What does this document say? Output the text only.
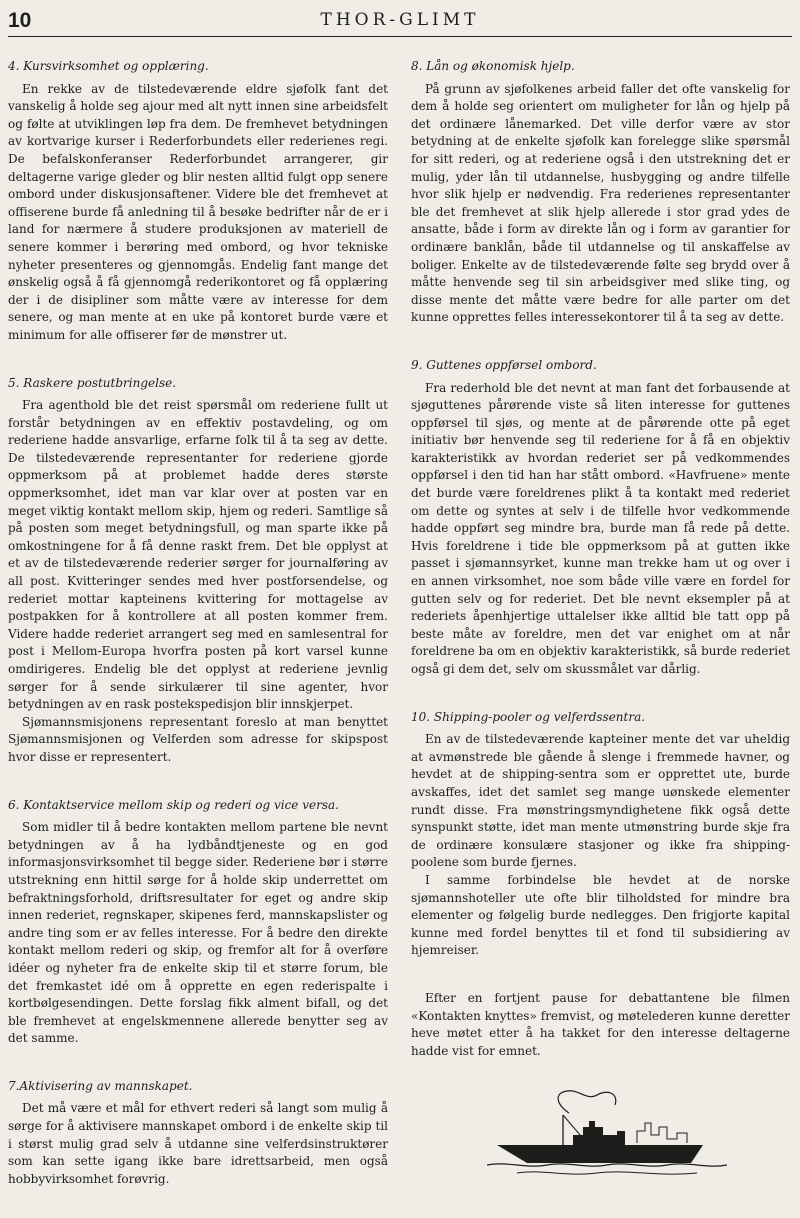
10	THOR-GLIMT
4. Kursvirksomhet og opplæring.

En rekke av de tilstedeværende eldre sjøfolk fant det vanskelig å holde seg ajour med alt nytt innen sine arbeidsfelt og følte at utviklingen løp fra dem. De fremhevet betydningen av kortvarige kurser i Rederforbundets eller rederienes regi. De befalskonferanser Rederforbundet arrangerer, gir deltagerne varige gleder og blir nesten alltid fulgt opp senere ombord under diskusjonsaftener. Videre ble det fremhevet at offiserene burde få anledning til å besøke bedrifter når de er i land for nærmere å studere produksjonen av materiell de senere kommer i berøring med ombord, og hvor tekniske nyheter presenteres og gjennomgås. Endelig fant mange det ønskelig også å få gjennomgå rederikontoret og få opplæring der i de disipliner som måtte være av interesse for dem senere, og man mente at en uke på kontoret burde være et minimum for alle offiserer før de mønstrer ut.

5. Raskere postutbringelse.

Fra agenthold ble det reist spørsmål om rederiene fullt ut forstår betydningen av en effektiv postavdeling, og om rederiene hadde ansvarlige, erfarne folk til å ta seg av dette. De tilstedeværende representanter for rederiene gjorde oppmerksom på at problemet hadde deres største oppmerksomhet, idet man var klar over at posten var en meget viktig kontakt mellom skip, hjem og rederi. Samtlige så på posten som meget betydningsfull, og man sparte ikke på omkostningene for å få denne raskt frem. Det ble opplyst at et av de tilstedeværende rederier sørger for journalføring av all post. Kvitteringer sendes med hver postforsendelse, og rederiet mottar kapteinens kvittering for mottagelse av postpakken for å kontrollere at all posten kommer frem. Videre hadde rederiet arrangert seg med en samlesentral for post i Mellom-Europa hvorfra posten på kort varsel kunne omdirigeres. Endelig ble det opplyst at rederiene jevnlig sørger for å sende sirkulærer til sine agenter, hvor betydningen av en rask postekspedisjon blir innskjerpet.

Sjømannsmisjonens representant foreslo at man benyttet Sjømannsmisjonen og Velferden som adresse for skipspost hvor disse er representert.

6. Kontaktservice mellom skip og rederi og vice versa.

Som midler til å bedre kontakten mellom partene ble nevnt betydningen av å ha lydbåndtjeneste og en god informasjonsvirksomhet til begge sider. Rederiene bør i større utstrekning enn hittil sørge for å holde skip underrettet om befraktningsforhold, driftsresultater for eget og andre skip innen rederiet, regnskaper, skipenes ferd, mannskapslister og andre ting som er av felles interesse. For å bedre den direkte kontakt mellom rederi og skip, og fremfor alt for å overføre idéer og nyheter fra de enkelte skip til et større forum, ble det fremkastet idé om å opprette en egen rederispalte i kortbølgesendingen. Dette forslag fikk alment bifall, og det ble fremhevet at engelskmennene allerede benytter seg av det samme.

7.Aktivisering av mannskapet.

Det må være et mål for ethvert rederi så langt som mulig å sørge for å aktivisere mannskapet ombord i de enkelte skip til i størst mulig grad selv å utdanne sine velferdsinstruktører som kan sette igang ikke bare idrettsarbeid, men også hobbyvirksomhet forøvrig.

8. Lån og økonomisk hjelp.

På grunn av sjøfolkenes arbeid faller det ofte vanskelig for dem å holde seg orientert om muligheter for lån og hjelp på det ordinære lånemarked. Det ville derfor være av stor betydning at de enkelte sjøfolk kan forelegge slike spørsmål for sitt rederi, og at rederiene også i den utstrekning det er mulig, yder lån til utdannelse, husbygging og andre tilfelle hvor slik hjelp er nødvendig. Fra rederienes representanter ble det fremhevet at slik hjelp allerede i stor grad ydes de ansatte, både i form av direkte lån og i form av garantier for ordinære banklån, både til utdannelse og til anskaffelse av boliger. Enkelte av de tilstedeværende følte seg brydd over å måtte henvende seg til sin arbeidsgiver med slike ting, og disse mente det måtte være bedre for alle parter om det kunne opprettes felles interessekontorer til å ta seg av dette.

9. Guttenes oppførsel ombord.

Fra rederhold ble det nevnt at man fant det forbausende at sjøguttenes pårørende viste så liten interesse for guttenes oppførsel til sjøs, og mente at de pårørende otte på eget initiativ bør henvende seg til rederiene for å få en objektiv karakteristikk av hvordan rederiet ser på vedkommendes oppførsel i den tid han har stått ombord. «Havfruene» mente det burde være foreldrenes plikt å ta kontakt med rederiet om dette og syntes at selv i de tilfelle hvor vedkommende hadde oppført seg mindre bra, burde man få rede på dette. Hvis foreldrene i tide ble oppmerksom på at gutten ikke passet i sjømannsyrket, kunne man trekke ham ut og over i en annen virksomhet, noe som både ville være en fordel for gutten selv og for rederiet. Det ble nevnt eksempler på at rederiets åpenhjertige uttalelser ikke alltid ble tatt opp på beste måte av foreldre, men det var enighet om at når foreldrene ba om en objektiv karakteristikk, så burde rederiet også gi dem det, selv om skussmålet var dårlig.

10. Shipping-pooler og velferdssentra.

En av de tilstedeværende kapteiner mente det var uheldig at avmønstrede ble gående å slenge i fremmede havner, og hevdet at de shipping-sentra som er opprettet ute, burde avskaffes, idet det samlet seg mange uønskede elementer rundt disse. Fra mønstringsmyndighetene fikk også dette synspunkt støtte, idet man mente utmønstring burde skje fra de ordinære konsulære stasjoner og ikke fra shipping-poolene som burde fjernes.

I samme forbindelse ble hevdet at de norske sjømannshoteller ute ofte blir tilholdsted for mindre bra elementer og følgelig burde nedlegges. Den frigjorte kapital kunne med fordel benyttes til et fond til subsidiering av hjemreiser.

Efter en fortjent pause for debattantene ble filmen «Kontakten knyttes» fremvist, og møtelederen kunne deretter heve møtet etter å ha takket for den interesse deltagerne hadde vist for emnet.
